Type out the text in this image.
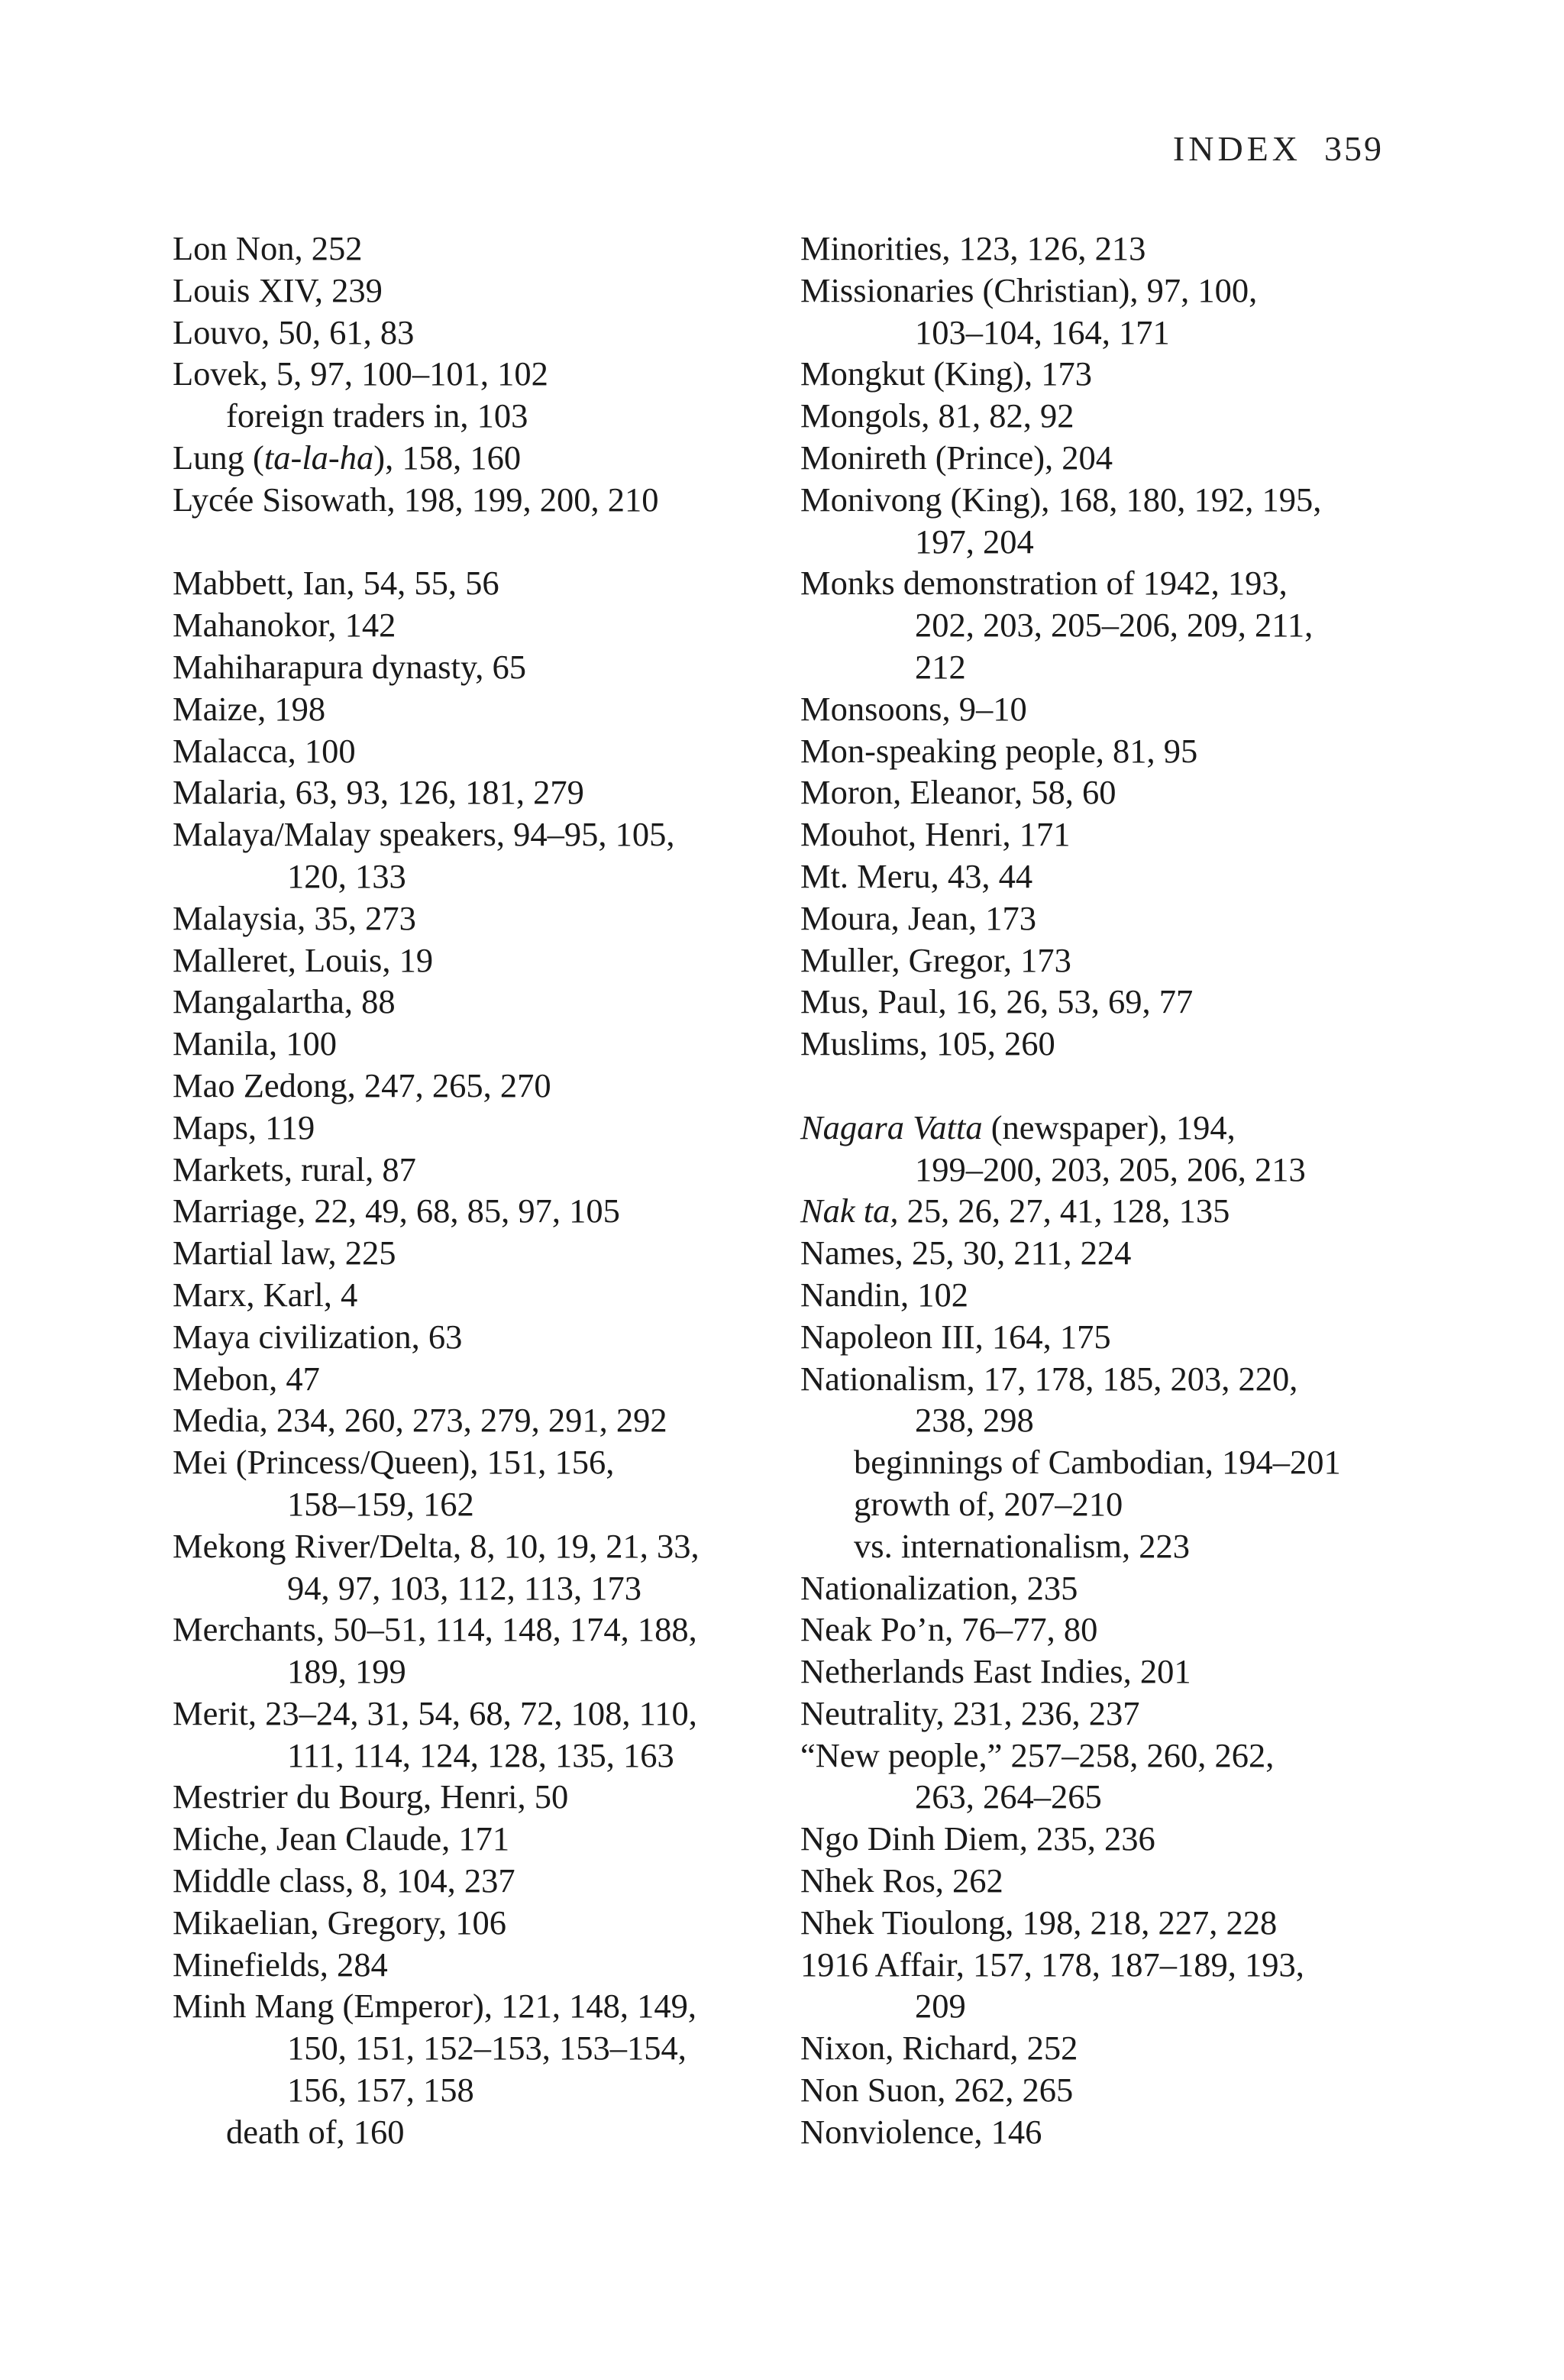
INDEX 359
Lon Non, 252
Louis XIV, 239
Louvo, 50, 61, 83
Lovek, 5, 97, 100–101, 102
foreign traders in, 103
Lung (ta-la-ha), 158, 160
Lycée Sisowath, 198, 199, 200, 210
Mabbett, Ian, 54, 55, 56
Mahanokor, 142
Mahiharapura dynasty, 65
Maize, 198
Malacca, 100
Malaria, 63, 93, 126, 181, 279
Malaya/Malay speakers, 94–95, 105,
120, 133
Malaysia, 35, 273
Malleret, Louis, 19
Mangalartha, 88
Manila, 100
Mao Zedong, 247, 265, 270
Maps, 119
Markets, rural, 87
Marriage, 22, 49, 68, 85, 97, 105
Martial law, 225
Marx, Karl, 4
Maya civilization, 63
Mebon, 47
Media, 234, 260, 273, 279, 291, 292
Mei (Princess/Queen), 151, 156,
158–159, 162
Mekong River/Delta, 8, 10, 19, 21, 33,
94, 97, 103, 112, 113, 173
Merchants, 50–51, 114, 148, 174, 188,
189, 199
Merit, 23–24, 31, 54, 68, 72, 108, 110,
111, 114, 124, 128, 135, 163
Mestrier du Bourg, Henri, 50
Miche, Jean Claude, 171
Middle class, 8, 104, 237
Mikaelian, Gregory, 106
Minefields, 284
Minh Mang (Emperor), 121, 148, 149,
150, 151, 152–153, 153–154,
156, 157, 158
death of, 160
Minorities, 123, 126, 213
Missionaries (Christian), 97, 100,
103–104, 164, 171
Mongkut (King), 173
Mongols, 81, 82, 92
Monireth (Prince), 204
Monivong (King), 168, 180, 192, 195,
197, 204
Monks demonstration of 1942, 193,
202, 203, 205–206, 209, 211,
212
Monsoons, 9–10
Mon-speaking people, 81, 95
Moron, Eleanor, 58, 60
Mouhot, Henri, 171
Mt. Meru, 43, 44
Moura, Jean, 173
Muller, Gregor, 173
Mus, Paul, 16, 26, 53, 69, 77
Muslims, 105, 260
Nagara Vatta (newspaper), 194,
199–200, 203, 205, 206, 213
Nak ta, 25, 26, 27, 41, 128, 135
Names, 25, 30, 211, 224
Nandin, 102
Napoleon III, 164, 175
Nationalism, 17, 178, 185, 203, 220,
238, 298
beginnings of Cambodian, 194–201
growth of, 207–210
vs. internationalism, 223
Nationalization, 235
Neak Po’n, 76–77, 80
Netherlands East Indies, 201
Neutrality, 231, 236, 237
“New people,” 257–258, 260, 262,
263, 264–265
Ngo Dinh Diem, 235, 236
Nhek Ros, 262
Nhek Tioulong, 198, 218, 227, 228
1916 Affair, 157, 178, 187–189, 193,
209
Nixon, Richard, 252
Non Suon, 262, 265
Nonviolence, 146
